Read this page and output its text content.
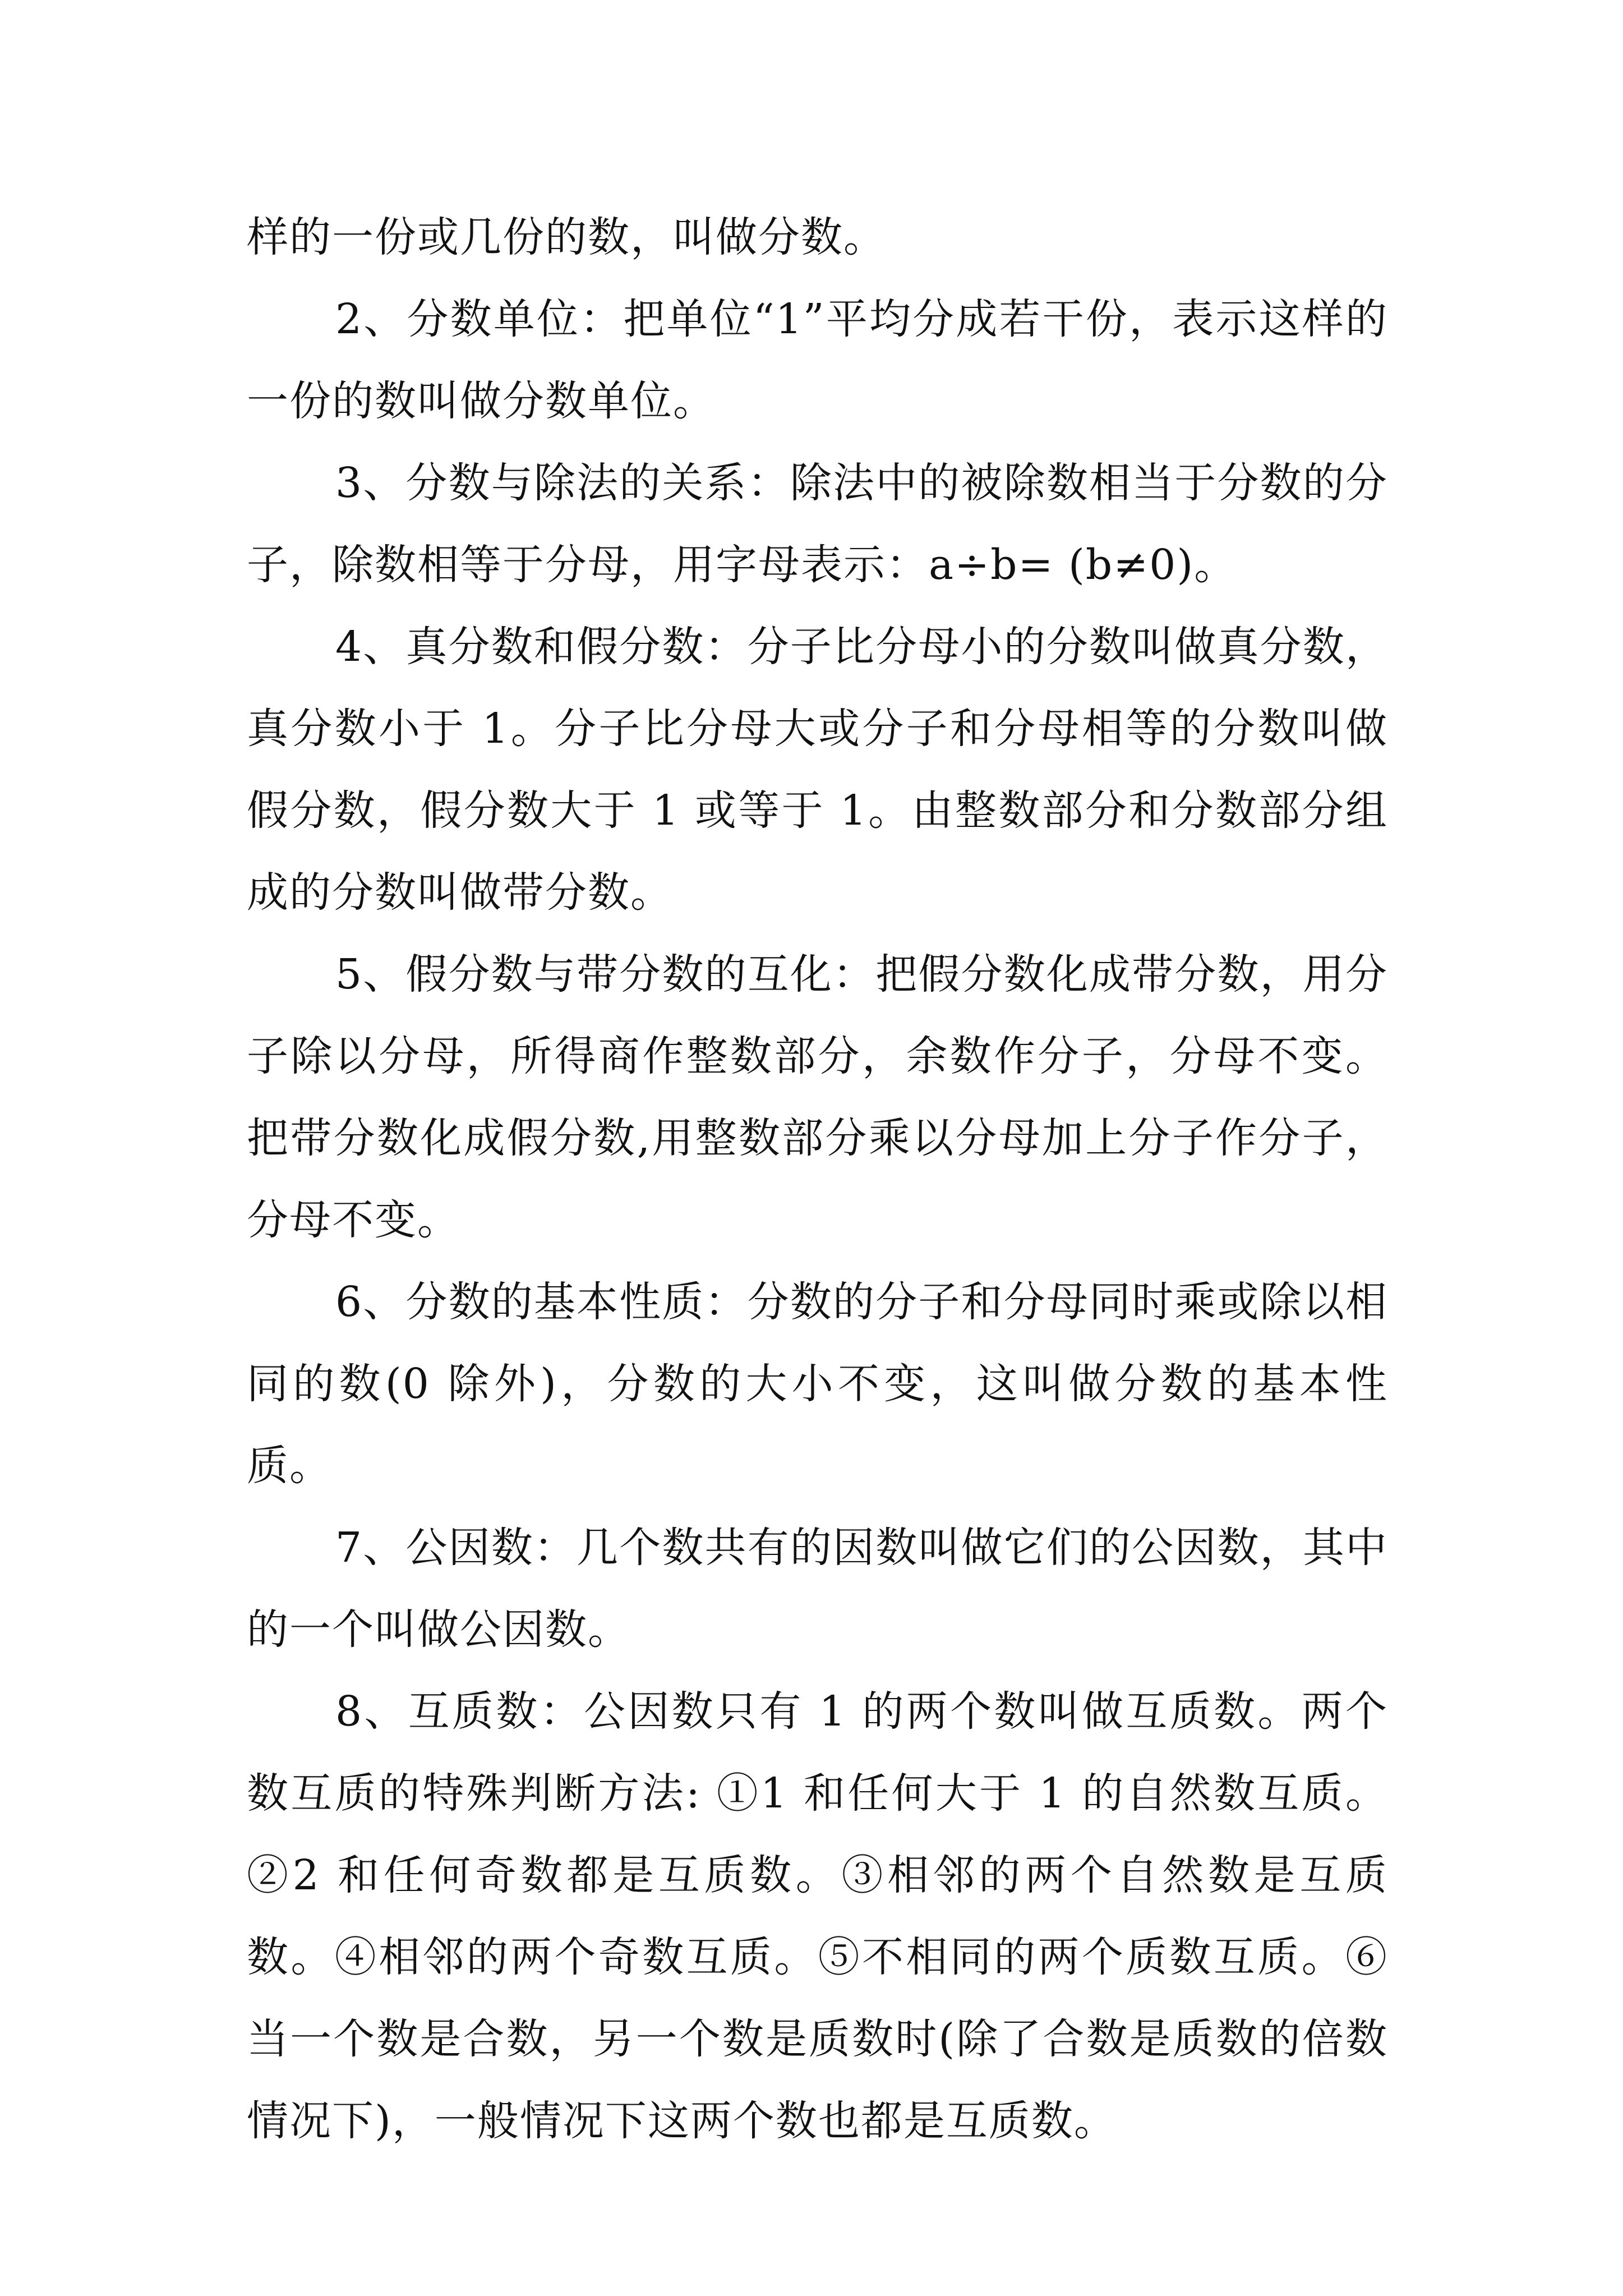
样的一份或几份的数，叫做分数。

2、分数单位：把单位“1”平均分成若干份，表示这样的一份的数叫做分数单位。

3、分数与除法的关系：除法中的被除数相当于分数的分子，除数相等于分母，用字母表示：a÷b= (b≠0)。

4、真分数和假分数：分子比分母小的分数叫做真分数，真分数小于 1。分子比分母大或分子和分母相等的分数叫做假分数，假分数大于 1 或等于 1。由整数部分和分数部分组成的分数叫做带分数。

5、假分数与带分数的互化：把假分数化成带分数，用分子除以分母，所得商作整数部分，余数作分子，分母不变。把带分数化成假分数,用整数部分乘以分母加上分子作分子，分母不变。

6、分数的基本性质：分数的分子和分母同时乘或除以相同的数(0 除外)，分数的大小不变，这叫做分数的基本性质。

7、公因数：几个数共有的因数叫做它们的公因数，其中的一个叫做公因数。

8、互质数：公因数只有 1 的两个数叫做互质数。两个数互质的特殊判断方法: ①1 和任何大于 1 的自然数互质。②2 和任何奇数都是互质数。③相邻的两个自然数是互质数。④相邻的两个奇数互质。⑤不相同的两个质数互质。⑥当一个数是合数，另一个数是质数时(除了合数是质数的倍数情况下)，一般情况下这两个数也都是互质数。
